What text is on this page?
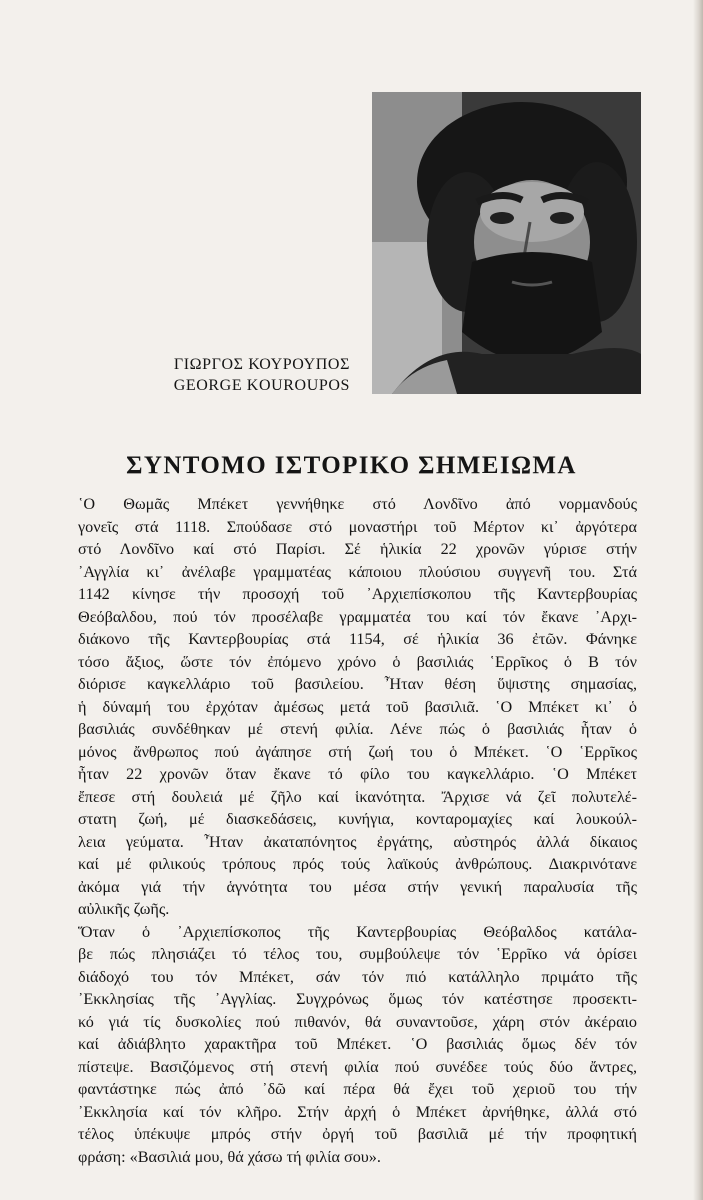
ΓΙΩΡΓΟΣ ΚΟΥΡΟΥΠΟΣ
GEORGE KOUROUPOS
ΣΥΝΤΟΜΟ ΙΣΤΟΡΙΚΟ ΣΗΜΕΙΩΜΑ
῾Ο Θωμᾶς Μπέκετ γεννήθηκε στό Λονδῖνο ἀπό νορμανδούς
γονεῖς στά 1118. Σπούδασε στό μοναστήρι τοῦ Μέρτον κι᾿ ἀργότερα
στό Λονδῖνο καί στό Παρίσι. Σέ ἡλικία 22 χρονῶν γύρισε στήν
᾿Αγγλία κι᾿ ἀνέλαβε γραμματέας κάποιου πλούσιου συγγενῆ του. Στά
1142 κίνησε τήν προσοχή τοῦ ᾿Αρχιεπίσκοπου τῆς Καντερβουρίας
Θεόβαλδου, πού τόν προσέλαβε γραμματέα του καί τόν ἔκανε ᾿Αρχι-
διάκονο τῆς Καντερβουρίας στά 1154, σέ ἡλικία 36 ἐτῶν. Φάνηκε
τόσο ἄξιος, ὥστε τόν ἐπόμενο χρόνο ὁ βασιλιάς ῾Ερρῖκος ὁ Β τόν
διόρισε καγκελλάριο τοῦ βασιλείου. Ἦταν θέση ὕψιστης σημασίας,
ἡ δύναμή του ἐρχόταν ἀμέσως μετά τοῦ βασιλιᾶ. ῾Ο Μπέκετ κι᾿ ὁ
βασιλιάς συνδέθηκαν μέ στενή φιλία. Λένε πώς ὁ βασιλιάς ἦταν ὁ
μόνος ἄνθρωπος πού ἀγάπησε στή ζωή του ὁ Μπέκετ. ῾Ο ῾Ερρῖκος
ἦταν 22 χρονῶν ὅταν ἔκανε τό φίλο του καγκελλάριο. ῾Ο Μπέκετ
ἔπεσε στή δουλειά μέ ζῆλο καί ἱκανότητα. Ἄρχισε νά ζεῖ πολυτελέ-
στατη ζωή, μέ διασκεδάσεις, κυνήγια, κονταρομαχίες καί λουκούλ-
λεια γεύματα. Ἦταν ἀκαταπόνητος ἐργάτης, αὐστηρός ἀλλά δίκαιος
καί μέ φιλικούς τρόπους πρός τούς λαϊκούς ἀνθρώπους. Διακρινότανε
ἀκόμα γιά τήν ἁγνότητα του μέσα στήν γενική παραλυσία τῆς
αὐλικῆς ζωῆς.
Ὅταν ὁ ᾿Αρχιεπίσκοπος τῆς Καντερβουρίας Θεόβαλδος κατάλα-
βε πώς πλησιάζει τό τέλος του, συμβούλεψε τόν ῾Ερρῖκο νά ὁρίσει
διάδοχό του τόν Μπέκετ, σάν τόν πιό κατάλληλο πριμάτο τῆς
᾿Εκκλησίας τῆς ᾿Αγγλίας. Συγχρόνως ὅμως τόν κατέστησε προσεκτι-
κό γιά τίς δυσκολίες πού πιθανόν, θά συναντοῦσε, χάρη στόν ἀκέραιο
καί ἀδιάβλητο χαρακτῆρα τοῦ Μπέκετ. ῾Ο βασιλιάς ὅμως δέν τόν
πίστεψε. Βασιζόμενος στή στενή φιλία πού συνέδεε τούς δύο ἄντρες,
φαντάστηκε πώς ἀπό ᾿δῶ καί πέρα θά ἔχει τοῦ χεριοῦ του τήν
᾿Εκκλησία καί τόν κλῆρο. Στήν ἀρχή ὁ Μπέκετ ἀρνήθηκε, ἀλλά στό
τέλος ὑπέκυψε μπρός στήν ὀργή τοῦ βασιλιᾶ μέ τήν προφητική
φράση: «Βασιλιά μου, θά χάσω τή φιλία σου».
